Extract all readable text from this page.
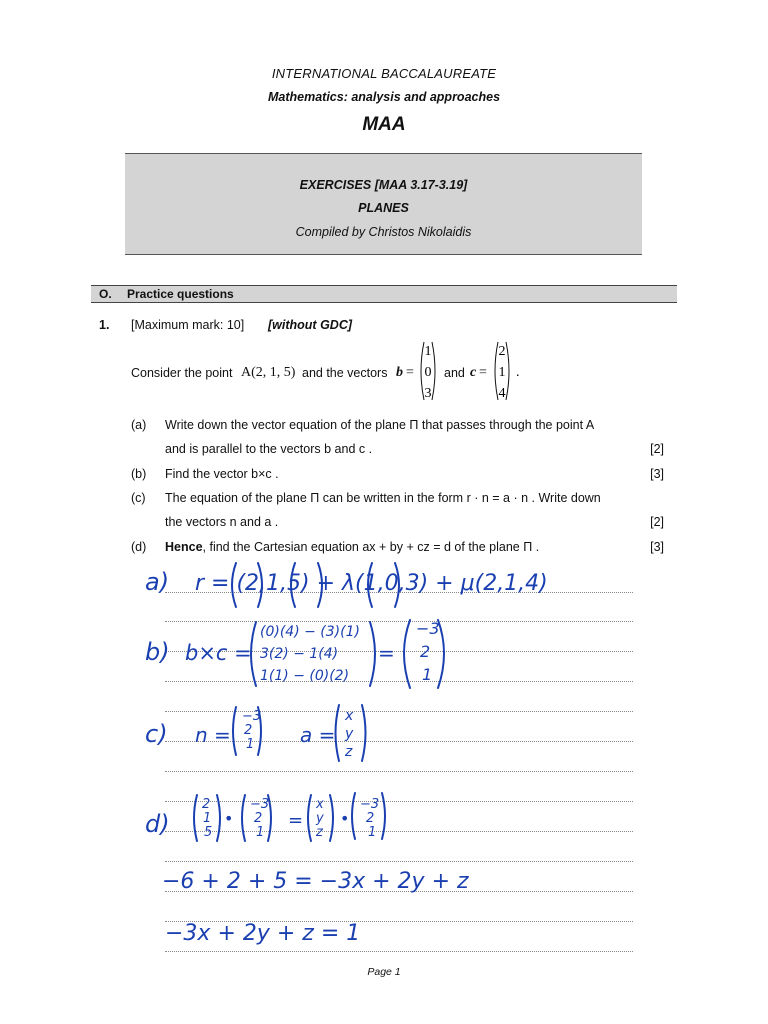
INTERNATIONAL BACCALAUREATE
Mathematics: analysis and approaches
MAA
EXERCISES [MAA 3.17-3.19]
PLANES
Compiled by Christos Nikolaidis
O. Practice questions
1. [Maximum mark: 10] [without GDC]
Consider the point A(2, 1, 5) and the vectors b =
1
0
3
and c =
2
1
4
.
(a) Write down the vector equation of the plane Π that passes through the point A
and is parallel to the vectors b and c .	[2]
(b) Find the vector b×c .	[3]
(c) The equation of the plane Π can be written in the form r · n = a · n . Write down
the vectors n and a .	[2]
(d) Hence, find the Cartesian equation ax + by + cz = d of the plane Π .	[3]
a) r = (2,1,5) + λ(1,0,3) + μ(2,1,4)
b) b×c =
(0)(4) − (3)(1)
3(2) − 1(4)
1(1) − (0)(2)
=
−3
2
1
c) n =
−3
2
1 a =
x
y
z
d)
2
1
5
•
−3
2
1
=
x
y
z
•
−3
2
1
−6 + 2 + 5 = −3x + 2y + z
−3x + 2y + z = 1
Page 1
